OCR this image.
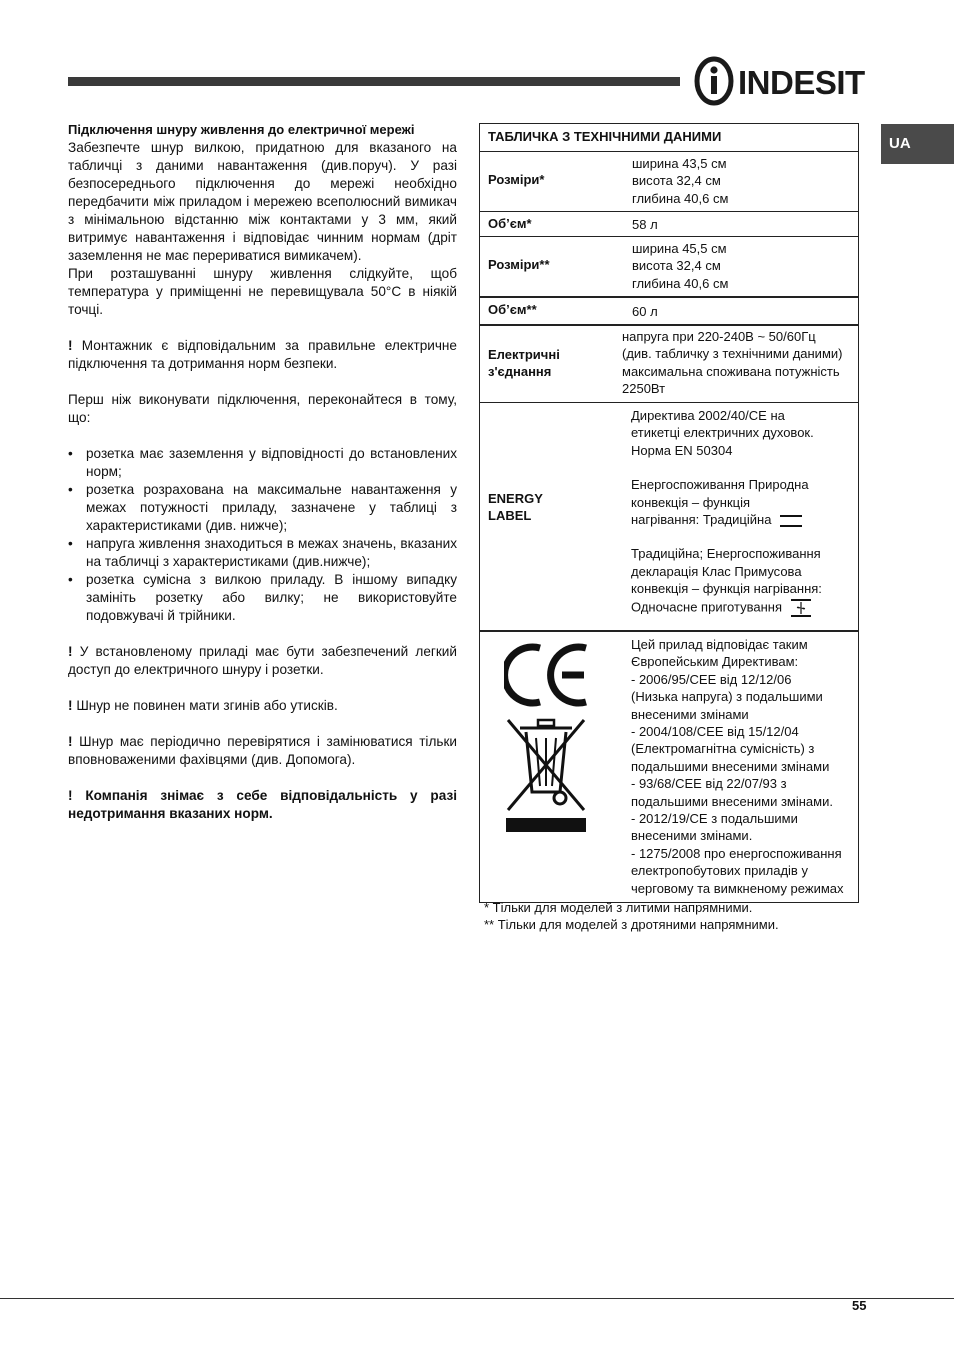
INDESIT
UA

Підключення шнуру живлення до електричної мережі

Забезпечте шнур вилкою, придатною для вказаного на табличці з даними навантаження (див.поруч). У разі безпосереднього підключення до мережі необхідно передбачити між приладом і мережею всеполюсний вимикач з мінімальною відстанню між контактами у 3 мм, який витримує навантаження і відповідає чинним нормам (дріт заземлення не має перериватися вимикачем).

При розташуванні шнуру живлення слідкуйте, щоб температура у приміщенні не перевищувала 50°C в ніякій точці.

! Монтажник є відповідальним за правильне електричне підключення та дотримання норм безпеки.

Перш ніж виконувати підключення, переконайтеся в тому, що:

• розетка має заземлення у відповідності до встановлених норм;
• розетка розрахована на максимальне навантаження у межах потужності приладу, зазначене у таблиці з характеристиками (див. нижче);
• напруга живлення знаходиться в межах значень, вказаних на табличці з характеристиками (див.нижче);
• розетка сумісна з вилкою приладу. В іншому випадку замініть розетку або вилку; не використовуйте подовжувачі й трійники.

! У встановленому приладі має бути забезпечений легкий доступ до електричного шнуру і розетки.

! Шнур не повинен мати згинів або утисків.

! Шнур має періодично перевірятися і замінюватися тільки вповноваженими фахівцями (див. Допомога).

! Компанія знімає з себе відповідальність у разі недотримання вказаних норм.

ТАБЛИЧКА З ТЕХНІЧНИМИ ДАНИМИ
Розміри*
ширина 43,5 см
висота 32,4 см
глибина 40,6 см
Об’єм*	58 л
Розміри**
ширина 45,5 см
висота 32,4 см
глибина 40,6 см
Об’єм**	60 л
Електричні
з'єднання
напруга при 220-240В ~ 50/60Гц
(див. табличку з технічними даними)
максимальна споживана потужність
2250Вт
ENERGY
LABEL
Директива 2002/40/CE на
етикетці електричних духовок.
Норма EN 50304
Енергоспоживання Природна
конвекція – функція
нагрівання: Традиційна
Традиційна; Енергоспоживання
декларація Клас Примусова
конвекція – функція нагрівання:
Одночасне приготування
Цей прилад відповідає таким
Європейським Директивам:
- 2006/95/CEE від 12/12/06
(Низька напруга) з подальшими
внесеними змінами
- 2004/108/CEE від 15/12/04
(Електромагнітна сумісність) з
подальшими внесеними змінами
- 93/68/CEE від 22/07/93 з
подальшими внесеними змінами.
- 2012/19/CE з подальшими
внесеними змінами.
- 1275/2008 про енергоспоживання
електропобутових приладів у
черговому та вимкненому режимах
* Тільки для моделей з литими напрямними.
** Тільки для моделей з дротяними напрямними.
55
